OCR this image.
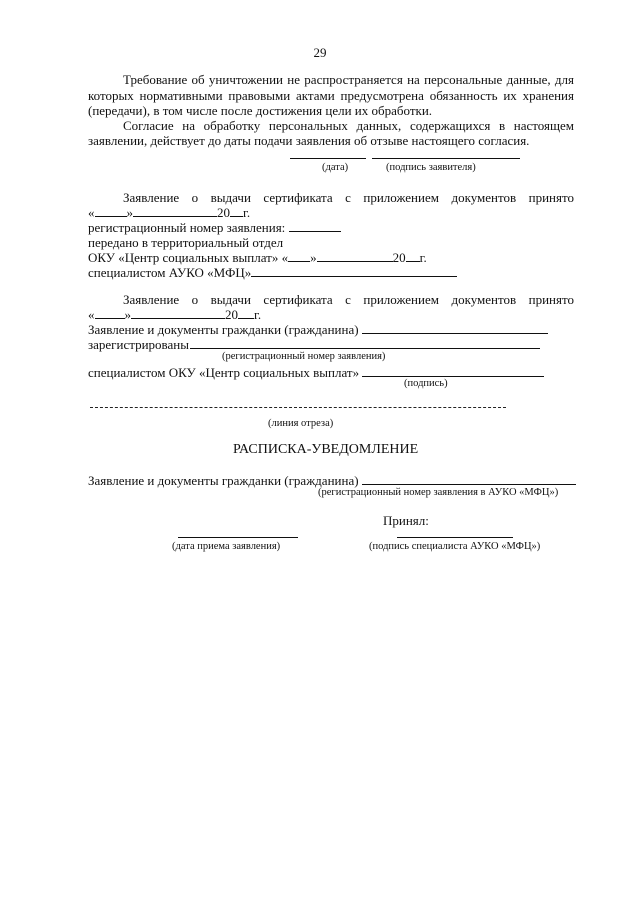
29
Требование об уничтожении не распространяется на персональные данные, для
которых нормативными правовыми актами предусмотрена обязанность их хранения
(передачи), в том числе после достижения цели их обработки.
Согласие на обработку персональных данных, содержащихся в настоящем
заявлении, действует до даты подачи заявления об отзыве настоящего согласия.
(дата)	(подпись заявителя)
Заявление о выдачи сертификата с приложением документов принято
« »	20 г.
регистрационный номер заявления:
передано в территориальный отдел
ОКУ «Центр социальных выплат» « »	20 г.
специалистом АУКО «МФЦ»
Заявление о выдачи сертификата с приложением документов принято
« »	20 г.
Заявление и документы гражданки (гражданина)
зарегистрированы
(регистрационный номер заявления)
специалистом ОКУ «Центр социальных выплат»
(подпись)
(линия отреза)
РАСПИСКА-УВЕДОМЛЕНИЕ
Заявление и документы гражданки (гражданина)
(регистрационный номер заявления в АУКО «МФЦ»)
Принял:
(дата приема заявления)	(подпись специалиста АУКО «МФЦ»)
